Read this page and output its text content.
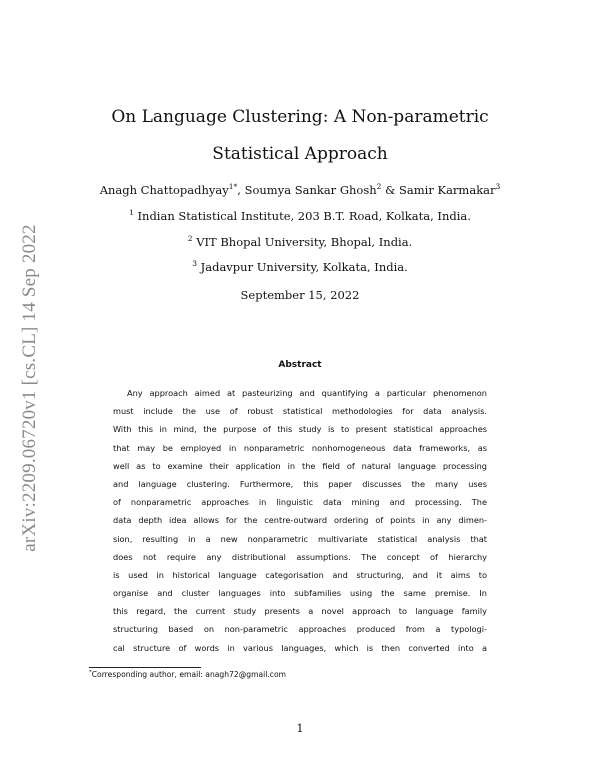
arXiv:2209.06720v1 [cs.CL] 14 Sep 2022
On Language Clustering: A Non-parametric
Statistical Approach
Anagh Chattopadhyay$^{1*}$, Soumya Sankar Ghosh$^2$ & Samir Karmakar$^3$
$^1$ Indian Statistical Institute, 203 B.T. Road, Kolkata, India.
$^2$ VIT Bhopal University, Bhopal, India.
$^3$ Jadavpur University, Kolkata, India.
September 15, 2022
Abstract
Any approach aimed at pasteurizing and quantifying a particular phenomenon
must include the use of robust statistical methodologies for data analysis.
With this in mind, the purpose of this study is to present statistical approaches
that may be employed in nonparametric nonhomogeneous data frameworks, as
well as to examine their application in the field of natural language processing
and language clustering. Furthermore, this paper discusses the many uses
of nonparametric approaches in linguistic data mining and processing. The
data depth idea allows for the centre-outward ordering of points in any dimen-
sion, resulting in a new nonparametric multivariate statistical analysis that
does not require any distributional assumptions. The concept of hierarchy
is used in historical language categorisation and structuring, and it aims to
organise and cluster languages into subfamilies using the same premise. In
this regard, the current study presents a novel approach to language family
structuring based on non-parametric approaches produced from a typologi-
cal structure of words in various languages, which is then converted into a
*Corresponding author, email: anagh72@gmail.com
1
